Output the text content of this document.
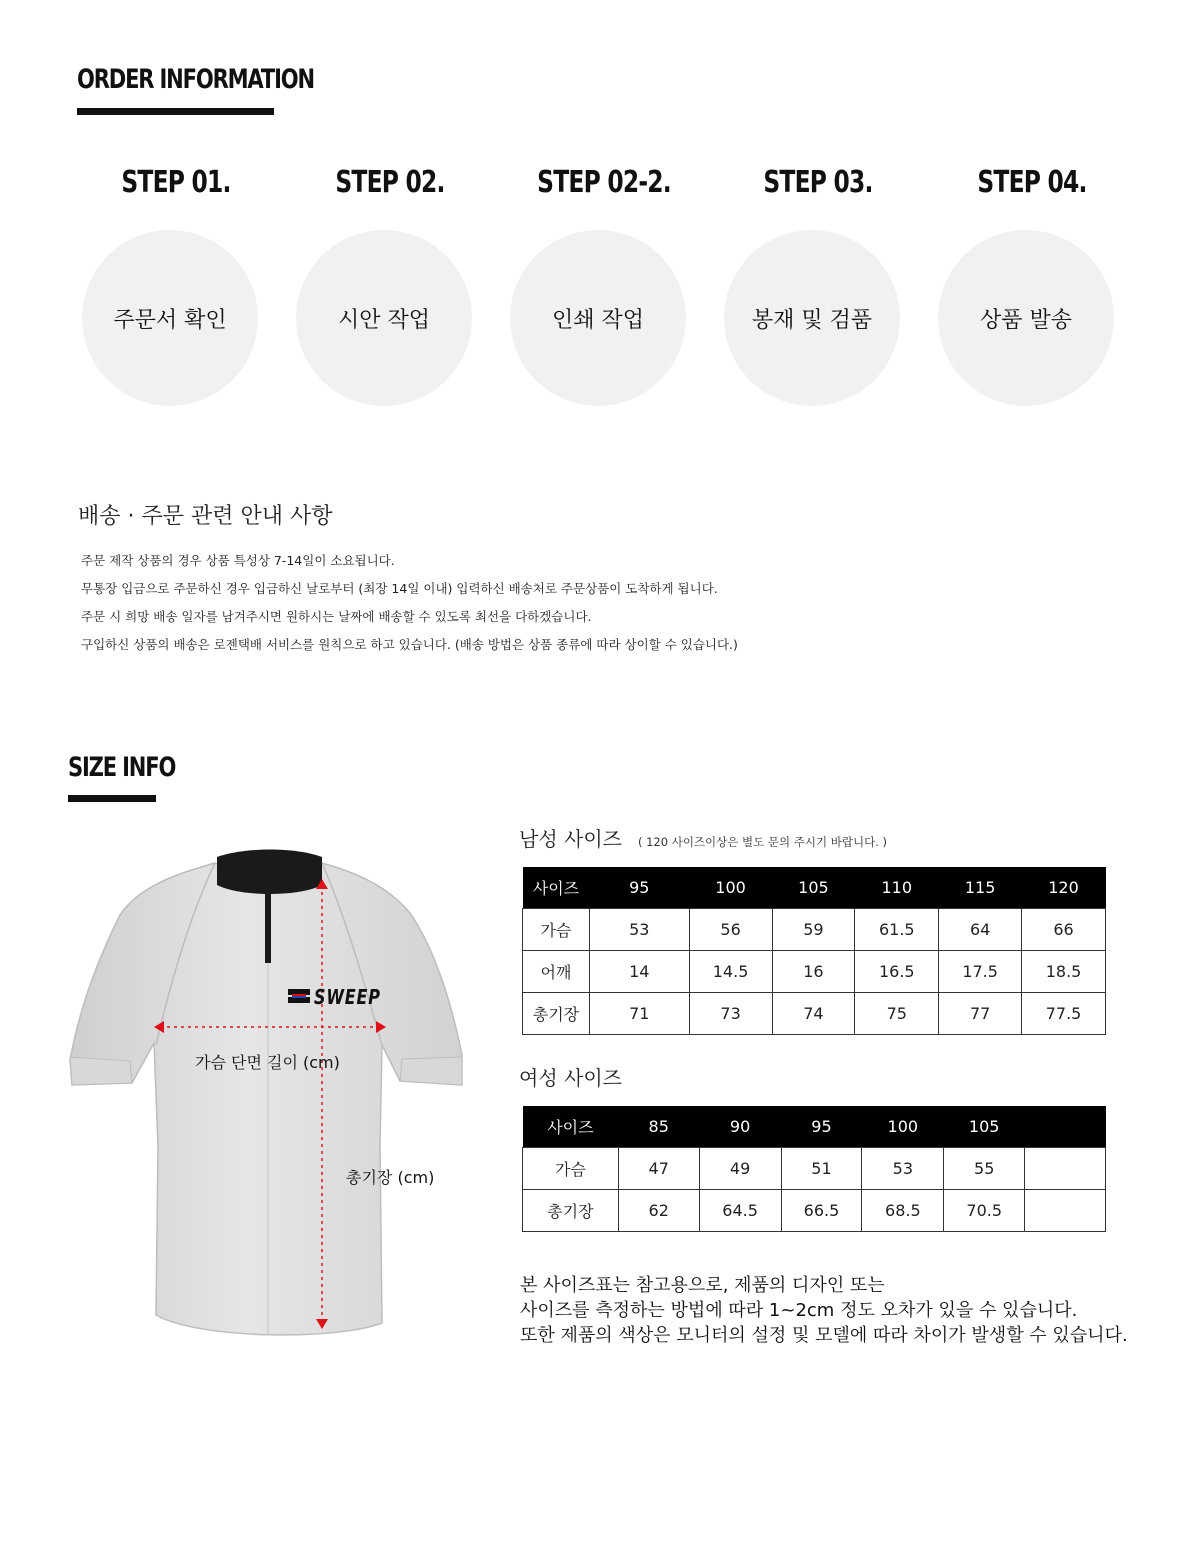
ORDER INFORMATION
STEP 01.
주문서 확인
STEP 02.
시안 작업
STEP 02-2.
인쇄 작업
STEP 03.
봉재 및 검품
STEP 04.
상품 발송
배송 · 주문 관련 안내 사항
주문 제작 상품의 경우 상품 특성상 7-14일이 소요됩니다.
무통장 입금으로 주문하신 경우 입금하신 날로부터 (최장 14일 이내) 입력하신 배송처로 주문상품이 도착하게 됩니다.
주문 시 희망 배송 일자를 남겨주시면 원하시는 날짜에 배송할 수 있도록 최선을 다하겠습니다.
구입하신 상품의 배송은 로젠택배 서비스를 원칙으로 하고 있습니다. (배송 방법은 상품 종류에 따라 상이할 수 있습니다.)
SIZE INFO
SWEEP
가슴 단면 길이 (cm)
총기장 (cm)
남성 사이즈 ( 120 사이즈이상은 별도 문의 주시기 바랍니다. )
사이즈	95	100	105	110	115	120
가슴	53	56	59	61.5	64	66
어깨	14	14.5	16	16.5	17.5	18.5
총기장	71	73	74	75	77	77.5
여성 사이즈
사이즈	85	90	95	100	105	
가슴	47	49	51	53	55	
총기장	62	64.5	66.5	68.5	70.5	
본 사이즈표는 참고용으로, 제품의 디자인 또는
사이즈를 측정하는 방법에 따라 1~2cm 정도 오차가 있을 수 있습니다.
또한 제품의 색상은 모니터의 설정 및 모델에 따라 차이가 발생할 수 있습니다.
